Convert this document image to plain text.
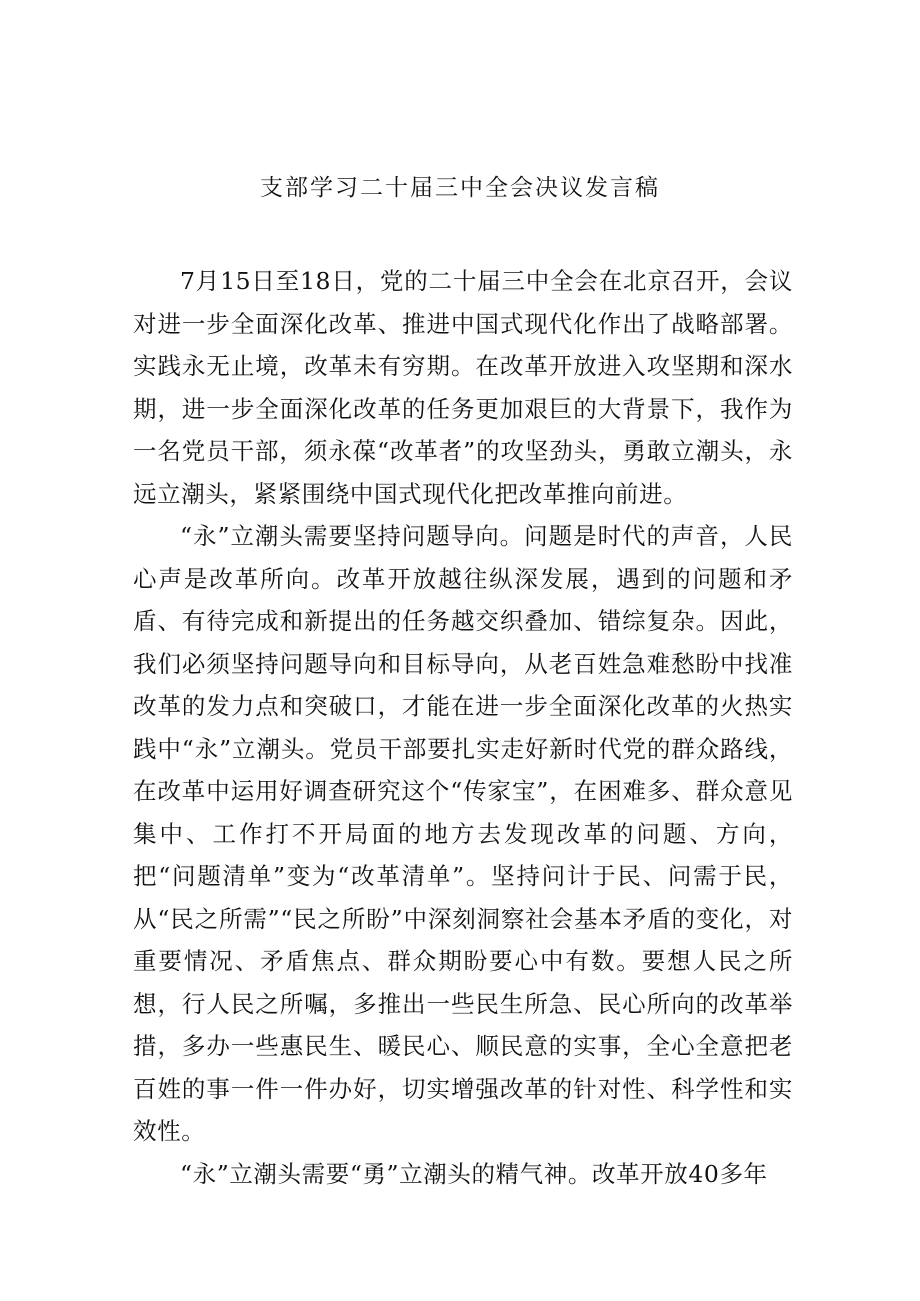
支部学习二十届三中全会决议发言稿

7月15日至18日，党的二十届三中全会在北京召开，会议对进一步全面深化改革、推进中国式现代化作出了战略部署。实践永无止境，改革未有穷期。在改革开放进入攻坚期和深水期，进一步全面深化改革的任务更加艰巨的大背景下，我作为一名党员干部，须永葆“改革者”的攻坚劲头，勇敢立潮头，永远立潮头，紧紧围绕中国式现代化把改革推向前进。

“永”立潮头需要坚持问题导向。问题是时代的声音，人民心声是改革所向。改革开放越往纵深发展，遇到的问题和矛盾、有待完成和新提出的任务越交织叠加、错综复杂。因此，我们必须坚持问题导向和目标导向，从老百姓急难愁盼中找准改革的发力点和突破口，才能在进一步全面深化改革的火热实践中“永”立潮头。党员干部要扎实走好新时代党的群众路线，在改革中运用好调查研究这个“传家宝”，在困难多、群众意见集中、工作打不开局面的地方去发现改革的问题、方向，把“问题清单”变为“改革清单”。坚持问计于民、问需于民，从“民之所需”“民之所盼”中深刻洞察社会基本矛盾的变化，对重要情况、矛盾焦点、群众期盼要心中有数。要想人民之所想，行人民之所嘱，多推出一些民生所急、民心所向的改革举措，多办一些惠民生、暖民心、顺民意的实事，全心全意把老百姓的事一件一件办好，切实增强改革的针对性、科学性和实效性。

“永”立潮头需要“勇”立潮头的精气神。改革开放40多年
